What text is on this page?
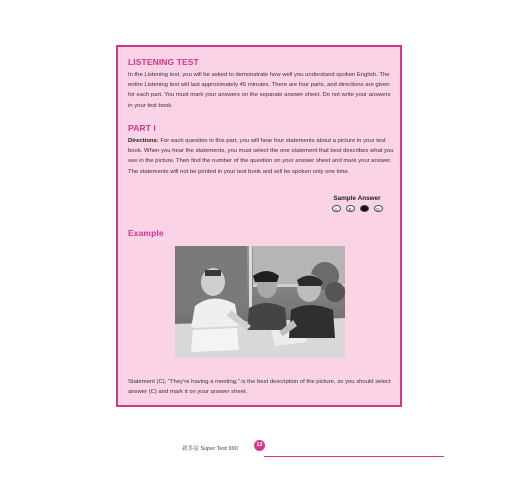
LISTENING TEST
In the Listening test, you will be asked to demonstrate how well you understand spoken English. The entire Listening test will last approximately 45 minutes. There are four parts, and directions are given for each part. You must mark your answers on the separate answer sheet. Do not write your answers in your test book.
PART I
Directions: For each question in this part, you will hear four statements about a picture in your test book. When you hear the statements, you must select the one statement that best describes what you see in the picture. Then find the number of the question on your answer sheet and mark your answer. The statements will not be printed in your test book and will be spoken only one time.
Sample Answer
A	B	C	D
Example
Statement (C), “They’re having a meeting,” is the best description of the picture, so you should select answer (C) and mark it on your answer sheet.
新多益 Super Test 990
12
